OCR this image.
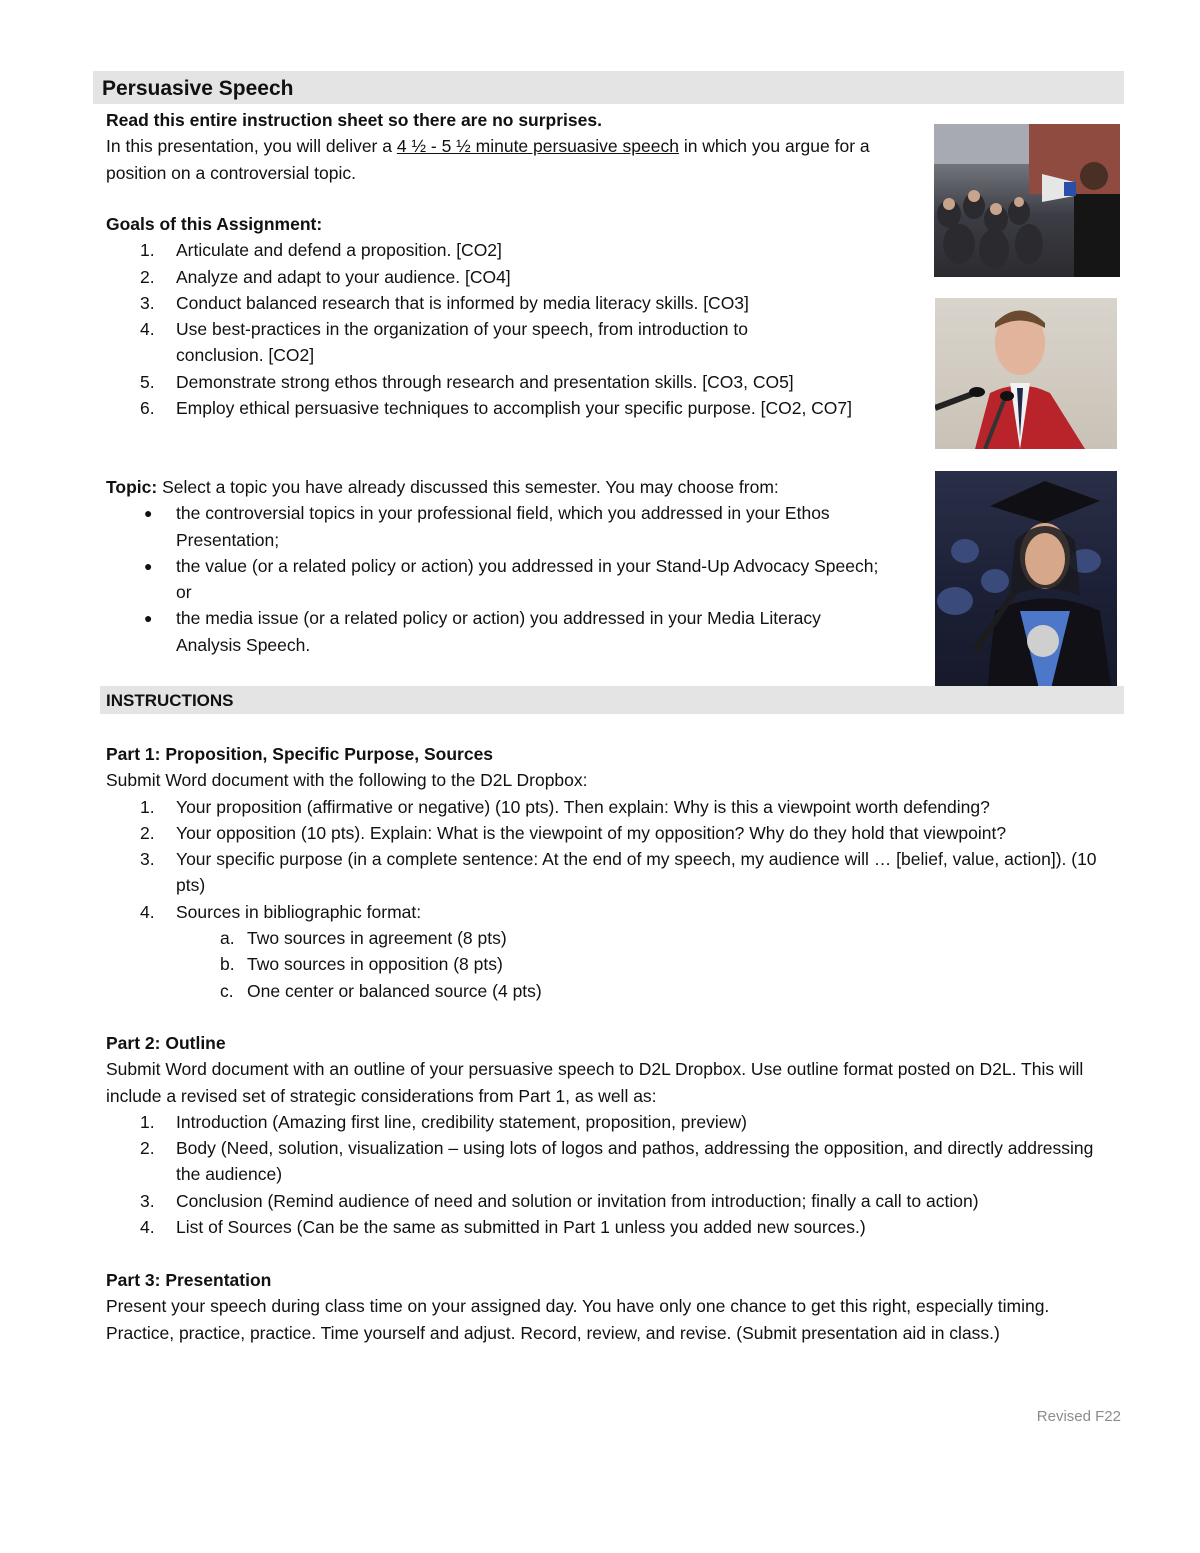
Persuasive Speech

Read this entire instruction sheet so there are no surprises.

In this presentation, you will deliver a 4 ½ - 5 ½ minute persuasive speech in which you argue for a position on a controversial topic.

Goals of this Assignment:

1.	Articulate and defend a proposition. [CO2]
2.	Analyze and adapt to your audience. [CO4]
3.	Conduct balanced research that is informed by media literacy skills. [CO3]
4.	Use best-practices in the organization of your speech, from introduction to conclusion. [CO2]
5.	Demonstrate strong ethos through research and presentation skills. [CO3, CO5]
6.	Employ ethical persuasive techniques to accomplish your specific purpose. [CO2, CO7]

Topic: Select a topic you have already discussed this semester. You may choose from:

●	the controversial topics in your professional field, which you addressed in your Ethos Presentation;
●	the value (or a related policy or action) you addressed in your Stand-Up Advocacy Speech; or
●	the media issue (or a related policy or action) you addressed in your Media Literacy Analysis Speech.
INSTRUCTIONS

Part 1: Proposition, Specific Purpose, Sources

Submit Word document with the following to the D2L Dropbox:

1.	Your proposition (affirmative or negative) (10 pts). Then explain: Why is this a viewpoint worth defending?
2.	Your opposition (10 pts). Explain: What is the viewpoint of my opposition? Why do they hold that viewpoint?
3.	Your specific purpose (in a complete sentence: At the end of my speech, my audience will … [belief, value, action]). (10 pts)
4.	Sources in bibliographic format:
a. Two sources in agreement (8 pts)
b. Two sources in opposition (8 pts)
c. One center or balanced source (4 pts)

Part 2: Outline

Submit Word document with an outline of your persuasive speech to D2L Dropbox. Use outline format posted on D2L. This will include a revised set of strategic considerations from Part 1, as well as:

1.	Introduction (Amazing first line, credibility statement, proposition, preview)
2.	Body (Need, solution, visualization – using lots of logos and pathos, addressing the opposition, and directly addressing the audience)
3.	Conclusion (Remind audience of need and solution or invitation from introduction; finally a call to action)
4.	List of Sources (Can be the same as submitted in Part 1 unless you added new sources.)

Part 3: Presentation

Present your speech during class time on your assigned day. You have only one chance to get this right, especially timing. Practice, practice, practice. Time yourself and adjust. Record, review, and revise. (Submit presentation aid in class.)

Revised F22
